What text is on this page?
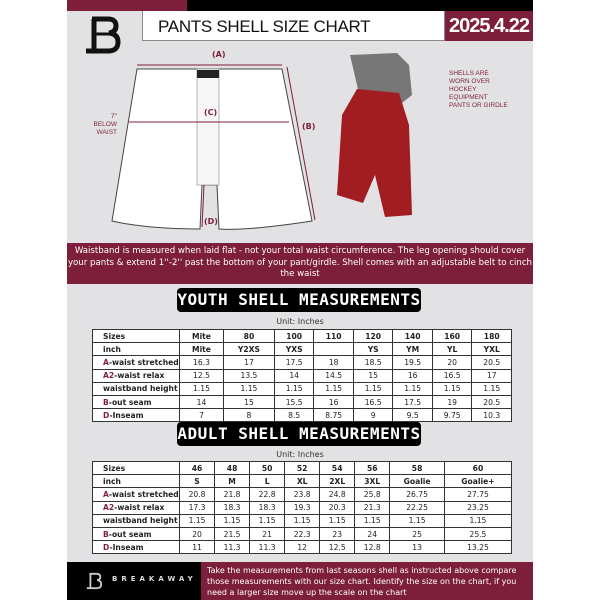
PANTS SHELL SIZE CHART	2025.4.22
(A)
(C)
(B)
(D)
7'' BELOW WAIST
SHELLS ARE WORN OVER HOCKEY EQUIPMENT PANTS OR GIRDLE
Waistband is measured when laid flat - not your total waist circumference. The leg opening should cover your pants & extend 1''-2'' past the bottom of your pant/girdle. Shell comes with an adjustable belt to cinch the waist
YOUTH SHELL MEASUREMENTS
Unit: Inches
Sizes	Mite	80	100	110	120	140	160	180
inch	Mite	Y2XS	YXS		YS	YM	YL	YXL
A-waist stretched	16.3	17	17.5	18	18.5	19.5	20	20.5
A2-waist relax	12.5	13.5	14	14.5	15	16	16.5	17
waistband height	1.15	1.15	1.15	1.15	1.15	1.15	1.15	1.15
B-out seam	14	15	15.5	16	16.5	17.5	19	20.5
D-Inseam	7	8	8.5	8.75	9	9.5	9.75	10.3
ADULT SHELL MEASUREMENTS
Unit: Inches
Sizes	46	48	50	52	54	56	58	60
inch	S	M	L	XL	2XL	3XL	Goalie	Goalie+
A-waist stretched	20.8	21.8	22.8	23.8	24.8	25.8	26.75	27.75
A2-waist relax	17.3	18.3	18.3	19.3	20.3	21.3	22.25	23.25
waistband height	1.15	1.15	1.15	1.15	1.15	1.15	1.15	1.15
B-out seam	20	21.5	21	22.3	23	24	25	25.5
D-Inseam	11	11.3	11.3	12	12.5	12.8	13	13.25
BREAKAWAY
Take the measurements from last seasons shell as instructed above compare those measurements with our size chart. Identify the size on the chart, if you need a larger size move up the scale on the chart
